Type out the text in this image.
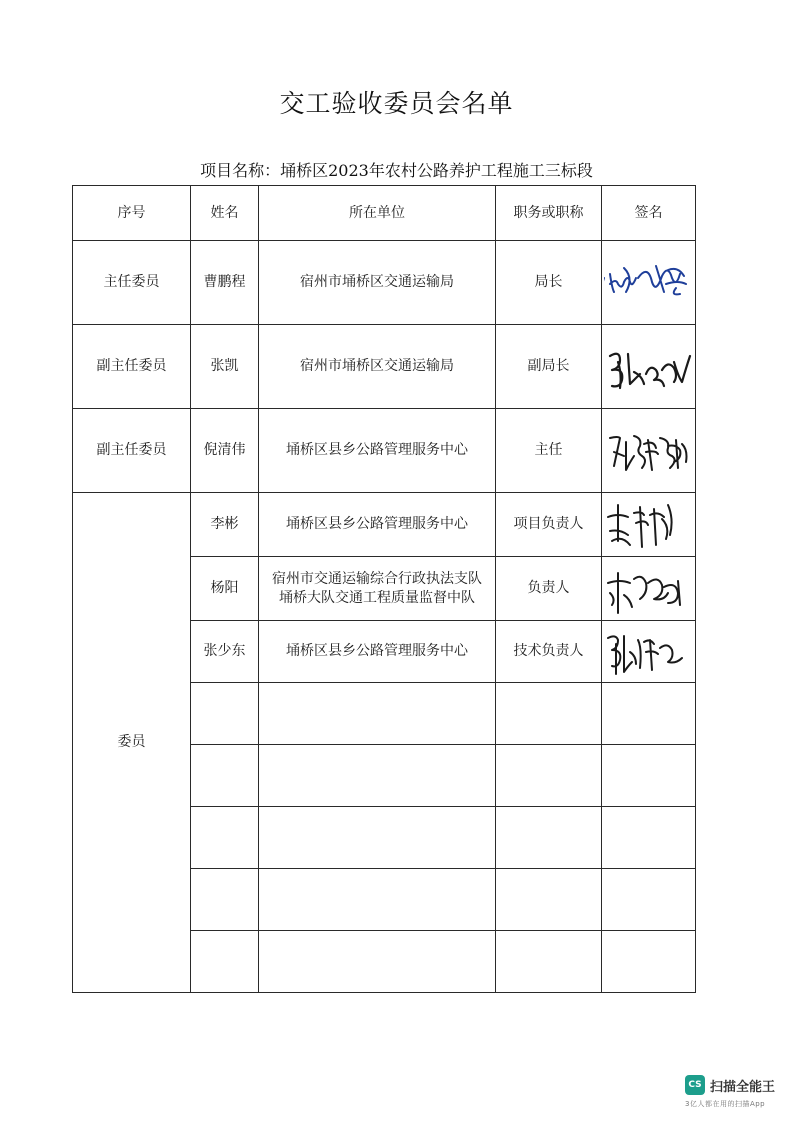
交工验收委员会名单
项目名称：埇桥区2023年农村公路养护工程施工三标段
序号	姓名	所在单位	职务或职称	签名
主任委员	曹鹏程	宿州市埇桥区交通运输局	局长	

副主任委员	张凯	宿州市埇桥区交通运输局	副局长	

副主任委员	倪清伟	埇桥区县乡公路管理服务中心	主任	

委员	李彬	埇桥区县乡公路管理服务中心	项目负责人	

	杨阳	宿州市交通运输综合行政执法支队
埇桥大队交通工程质量监督中队	负责人	

	张少东	埇桥区县乡公路管理服务中心	技术负责人	

CS 扫描全能王
3亿人都在用的扫描App
